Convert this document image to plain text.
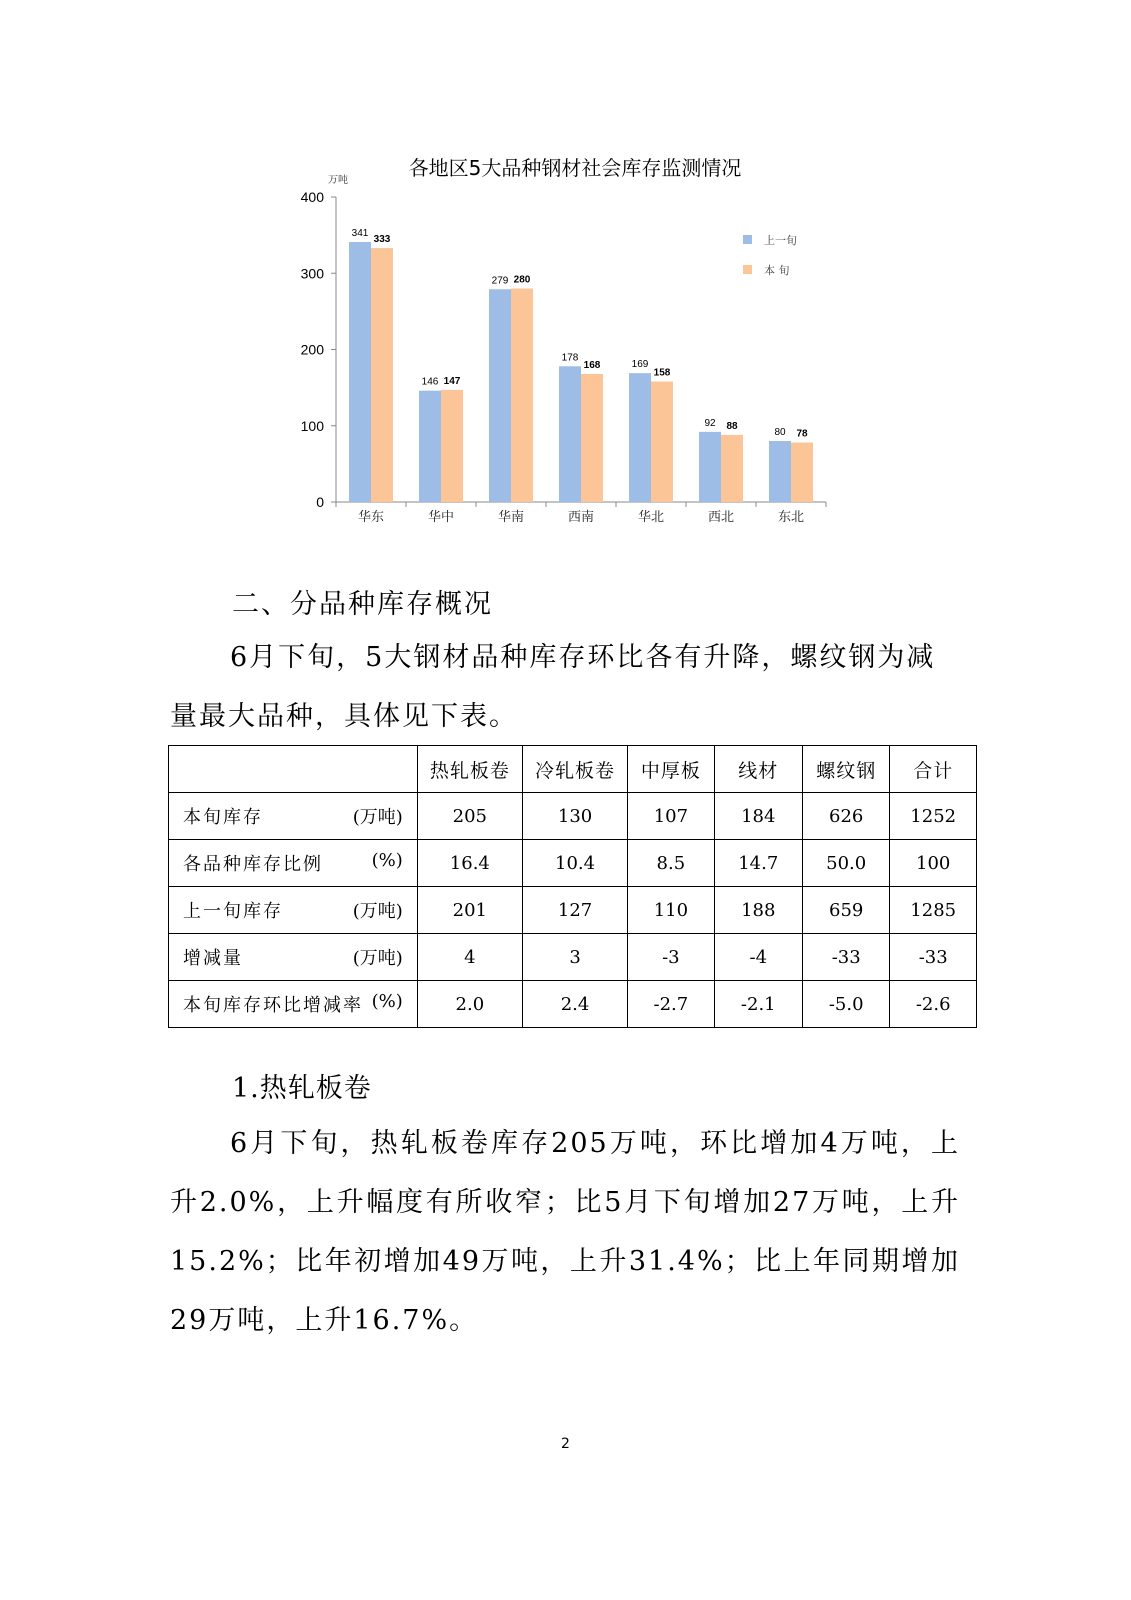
各地区5大品种钢材社会库存监测情况
万吨
0
100
200
300
400
华东
341
333
华中
146 147
华南
279 280
西南
178
168
华北
169
158
西北
92 88
东北
80 78
上一旬
本 旬
二、分品种库存概况

6月下旬，5大钢材品种库存环比各有升降，螺纹钢为减量最大品种，具体见下表。

	热轧板卷	冷轧板卷	中厚板	线材	螺纹钢	合计

本旬库存 (万吨)	205	130	107	184	626	1252

各品种库存比例 (%)	16.4	10.4	8.5	14.7	50.0	100

上一旬库存 (万吨)	201	127	110	188	659	1285

增减量 (万吨)	4	3	-3	-4	-33	-33

本旬库存环比增减率 (%)	2.0	2.4	-2.7	-2.1	-5.0	-2.6
1.热轧板卷

6月下旬，热轧板卷库存205万吨，环比增加4万吨，上升2.0%，上升幅度有所收窄；比5月下旬增加27万吨，上升15.2%；比年初增加49万吨，上升31.4%；比上年同期增加29万吨，上升16.7%。

2
